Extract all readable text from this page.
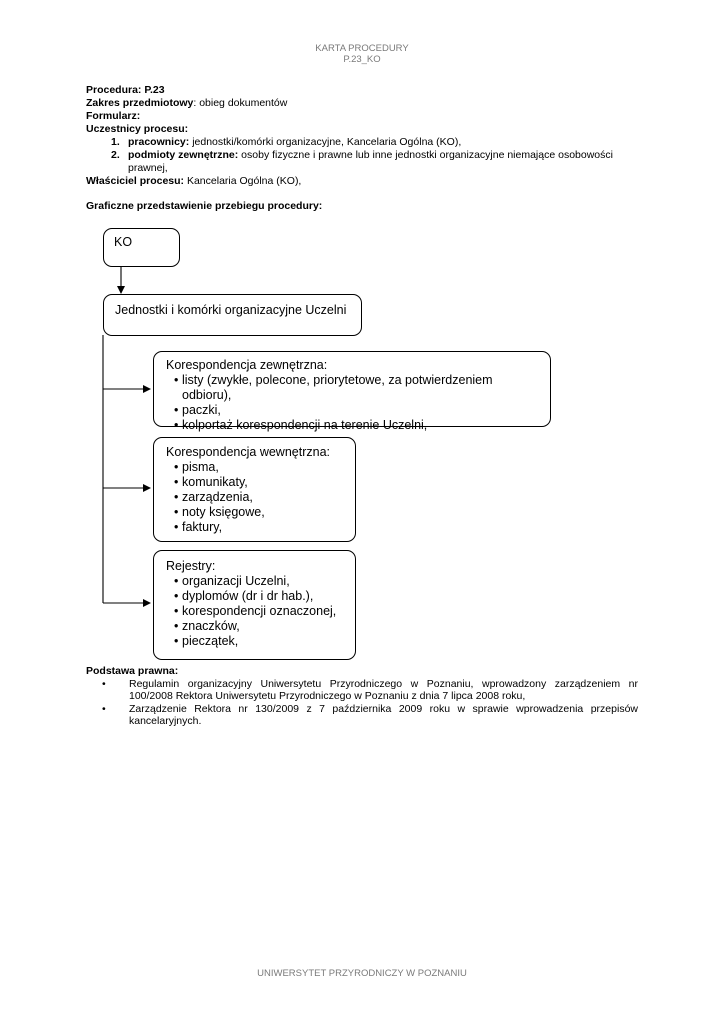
KARTA PROCEDURY
P.23_KO
Procedura: P.23
Zakres przedmiotowy: obieg dokumentów
Formularz:
Uczestnicy procesu:
1. pracownicy: jednostki/komórki organizacyjne, Kancelaria Ogólna (KO),
2. podmioty zewnętrzne: osoby fizyczne i prawne lub inne jednostki organizacyjne niemające osobowości prawnej,
Właściciel procesu: Kancelaria Ogólna (KO),
Graficzne przedstawienie przebiegu procedury:
KO
Jednostki i komórki organizacyjne Uczelni
Korespondencja zewnętrzna:
• listy (zwykłe, polecone, priorytetowe, za potwierdzeniem odbioru),
• paczki,
• kolportaż korespondencji na terenie Uczelni,
Korespondencja wewnętrzna:
• pisma,
• komunikaty,
• zarządzenia,
• noty księgowe,
• faktury,
Rejestry:
• organizacji Uczelni,
• dyplomów (dr i dr hab.),
• korespondencji oznaczonej,
• znaczków,
• pieczątek,
Podstawa prawna:
• Regulamin organizacyjny Uniwersytetu Przyrodniczego w Poznaniu, wprowadzony zarządzeniem nr 100/2008 Rektora Uniwersytetu Przyrodniczego w Poznaniu z dnia 7 lipca 2008 roku,
• Zarządzenie Rektora nr 130/2009 z 7 października 2009 roku w sprawie wprowadzenia przepisów kancelaryjnych.
UNIWERSYTET PRZYRODNICZY W POZNANIU
